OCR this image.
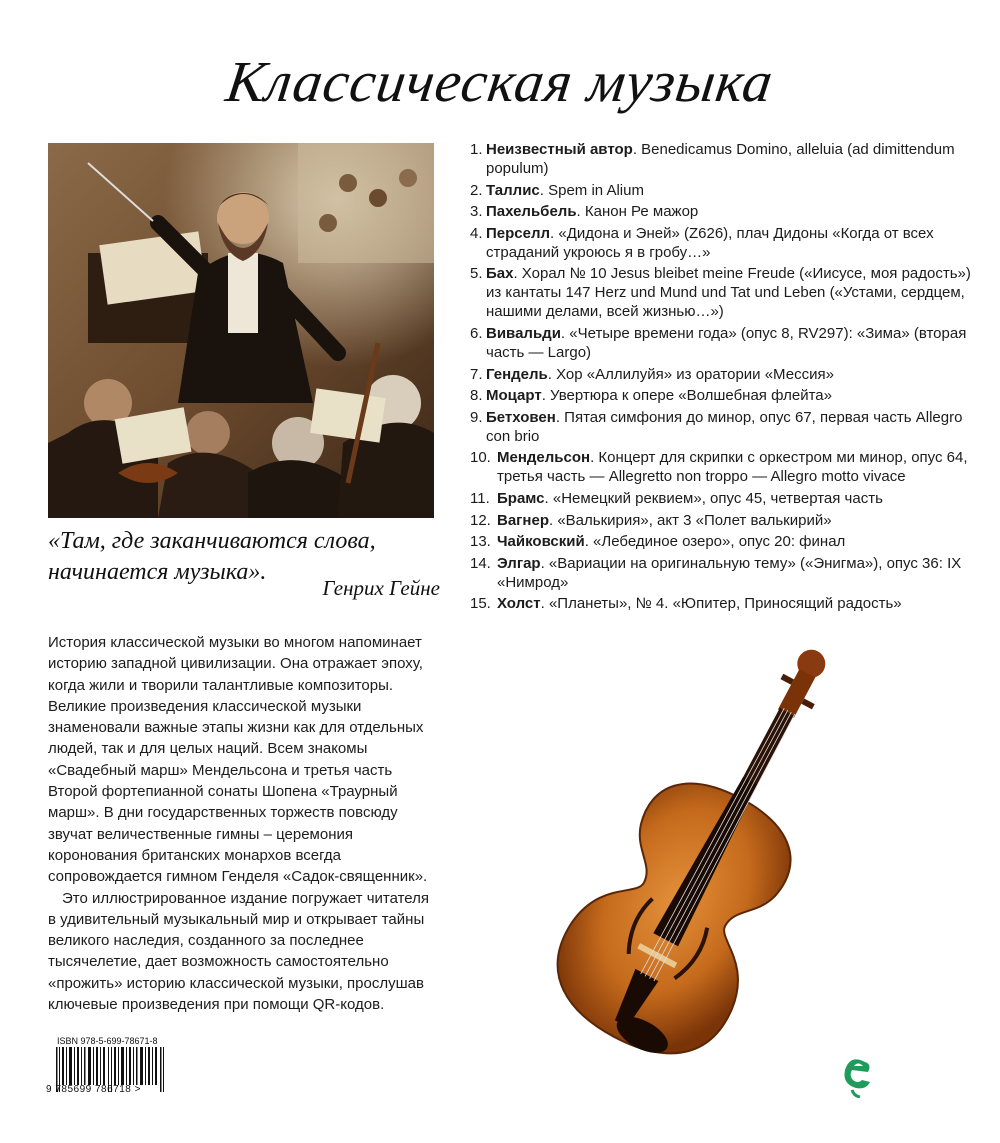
Классическая музыка
«Там, где заканчиваются слова,
начинается музыка».
Генрих Гейне

История классической музыки во многом напоминает историю западной цивилизации. Она отражает эпоху, когда жили и творили талантливые композиторы. Великие произведения классической музыки знаменовали важные этапы жизни как для отдельных людей, так и для целых наций. Всем знакомы «Свадебный марш» Мендельсона и третья часть Второй фортепианной сонаты Шопена «Траурный марш». В дни государственных торжеств повсюду звучат величественные гимны – церемония коронования британских монархов всегда сопровождается гимном Генделя «Садок-священник».

Это иллюстрированное издание погружает читателя в удивительный музыкальный мир и открывает тайны великого наследия, созданного за последнее тысячелетие, дает возможность самостоятельно «прожить» историю классической музыки, прослушав ключевые произведения при помощи QR-кодов.

1. Неизвестный автор. Benedicamus Domino, alleluia (ad dimittendum populum)
2. Таллис. Spem in Alium
3. Пахельбель. Канон Ре мажор
4. Перселл. «Дидона и Эней» (Z626), плач Дидоны «Когда от всех страданий укроюсь я в гробу…»
5. Бах. Хорал № 10 Jesus bleibet meine Freude («Иисусе, моя радость») из кантаты 147 Herz und Mund und Tat und Leben («Устами, сердцем, нашими делами, всей жизнью…»)
6. Вивальди. «Четыре времени года» (опус 8, RV297): «Зима» (вторая часть — Largo)
7. Гендель. Хор «Аллилуйя» из оратории «Мессия»
8. Моцарт. Увертюра к опере «Волшебная флейта»
9. Бетховен. Пятая симфония до минор, опус 67, первая часть Allegro con brio
10. Мендельсон. Концерт для скрипки с оркестром ми минор, опус 64, третья часть — Allegretto non troppo — Allegro motto vivace
11. Брамс. «Немецкий реквием», опус 45, четвертая часть
12. Вагнер. «Валькирия», акт 3 «Полет валькирий»
13. Чайковский. «Лебединое озеро», опус 20: финал
14. Элгар. «Вариации на оригинальную тему» («Энигма»), опус 36: IX «Нимрод»
15. Холст. «Планеты», № 4. «Юпитер, Приносящий радость»
ISBN 978-5-699-78671-8
9 785699 786718 >
